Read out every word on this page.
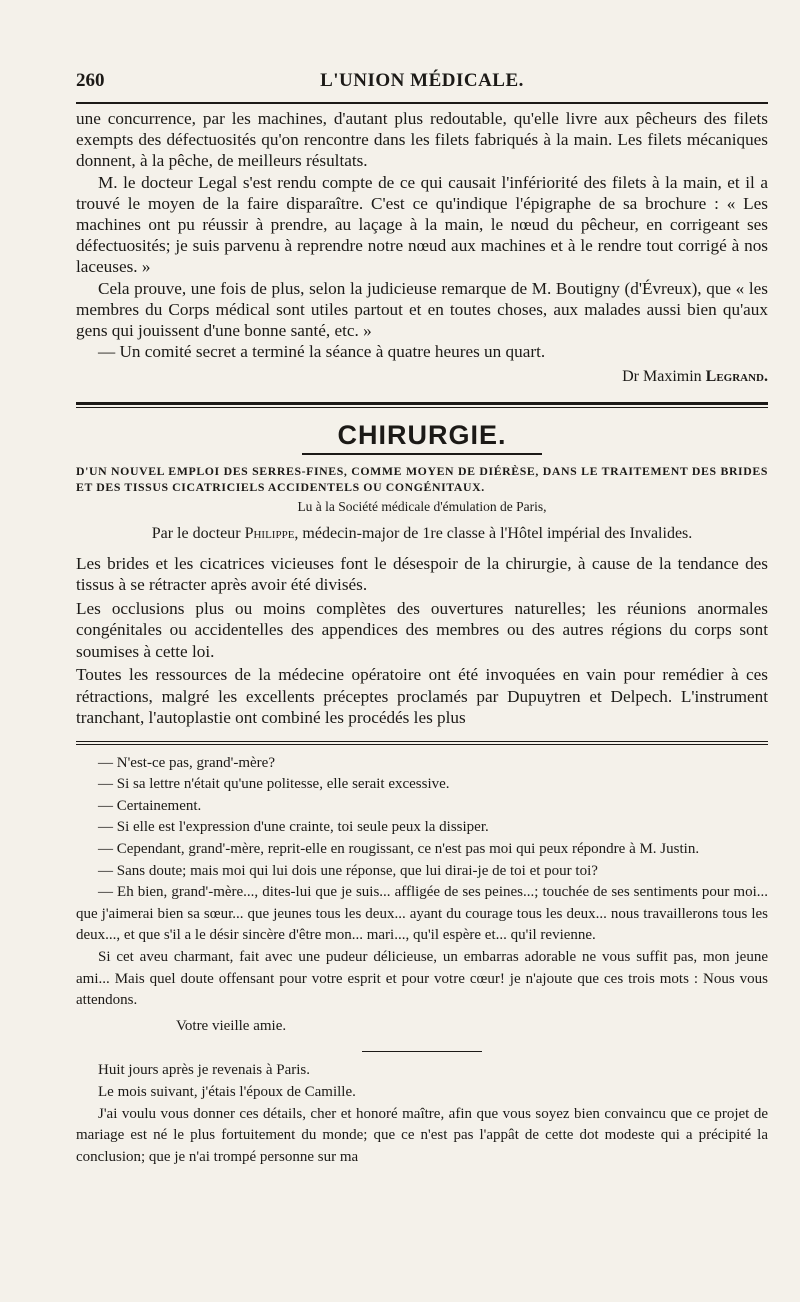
260	L'UNION MÉDICALE.

une concurrence, par les machines, d'autant plus redoutable, qu'elle livre aux pêcheurs des filets exempts des défectuosités qu'on rencontre dans les filets fabriqués à la main. Les filets mécaniques donnent, à la pêche, de meilleurs résultats.

M. le docteur Legal s'est rendu compte de ce qui causait l'infériorité des filets à la main, et il a trouvé le moyen de la faire disparaître. C'est ce qu'indique l'épigraphe de sa brochure : « Les machines ont pu réussir à prendre, au laçage à la main, le nœud du pêcheur, en corrigeant ses défectuosités; je suis parvenu à reprendre notre nœud aux machines et à le rendre tout corrigé à nos laceuses. »

Cela prouve, une fois de plus, selon la judicieuse remarque de M. Boutigny (d'Évreux), que « les membres du Corps médical sont utiles partout et en toutes choses, aux malades aussi bien qu'aux gens qui jouissent d'une bonne santé, etc. »

— Un comité secret a terminé la séance à quatre heures un quart.

Dr Maximin Legrand.
CHIRURGIE.
D'UN NOUVEL EMPLOI DES SERRES-FINES, COMME MOYEN DE DIÉRÈSE, DANS LE TRAITEMENT DES BRIDES ET DES TISSUS CICATRICIELS ACCIDENTELS OU CONGÉNITAUX.
Lu à la Société médicale d'émulation de Paris,
Par le docteur Philippe, médecin-major de 1re classe à l'Hôtel impérial des Invalides.

Les brides et les cicatrices vicieuses font le désespoir de la chirurgie, à cause de la tendance des tissus à se rétracter après avoir été divisés.

Les occlusions plus ou moins complètes des ouvertures naturelles; les réunions anormales congénitales ou accidentelles des appendices des membres ou des autres régions du corps sont soumises à cette loi.

Toutes les ressources de la médecine opératoire ont été invoquées en vain pour remédier à ces rétractions, malgré les excellents préceptes proclamés par Dupuytren et Delpech. L'instrument tranchant, l'autoplastie ont combiné les procédés les plus

— N'est-ce pas, grand'-mère?

— Si sa lettre n'était qu'une politesse, elle serait excessive.

— Certainement.

— Si elle est l'expression d'une crainte, toi seule peux la dissiper.

— Cependant, grand'-mère, reprit-elle en rougissant, ce n'est pas moi qui peux répondre à M. Justin.

— Sans doute; mais moi qui lui dois une réponse, que lui dirai-je de toi et pour toi?

— Eh bien, grand'-mère..., dites-lui que je suis... affligée de ses peines...; touchée de ses sentiments pour moi... que j'aimerai bien sa sœur... que jeunes tous les deux... ayant du courage tous les deux... nous travaillerons tous les deux..., et que s'il a le désir sincère d'être mon... mari..., qu'il espère et... qu'il revienne.

Si cet aveu charmant, fait avec une pudeur délicieuse, un embarras adorable ne vous suffit pas, mon jeune ami... Mais quel doute offensant pour votre esprit et pour votre cœur! je n'ajoute que ces trois mots : Nous vous attendons.

Votre vieille amie.

Huit jours après je revenais à Paris.

Le mois suivant, j'étais l'époux de Camille.

J'ai voulu vous donner ces détails, cher et honoré maître, afin que vous soyez bien convaincu que ce projet de mariage est né le plus fortuitement du monde; que ce n'est pas l'appât de cette dot modeste qui a précipité la conclusion; que je n'ai trompé personne sur ma
